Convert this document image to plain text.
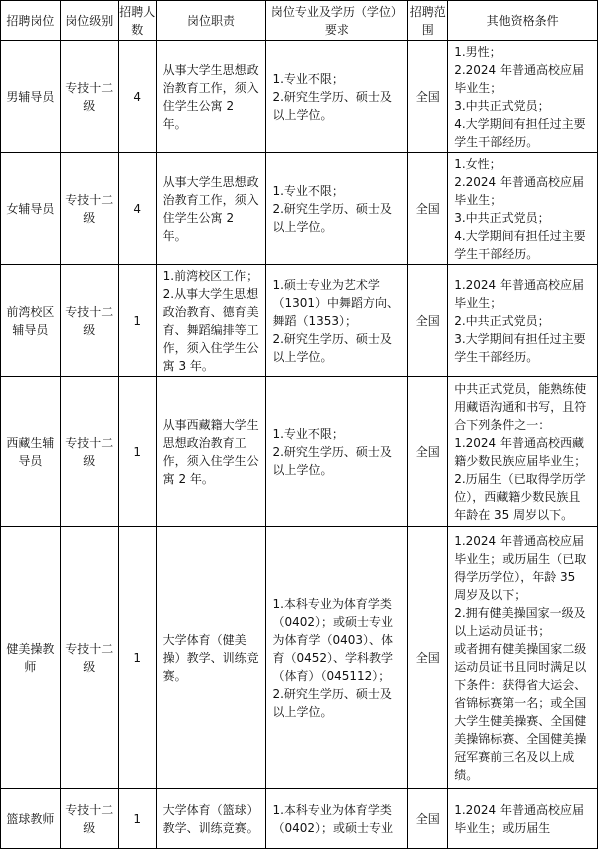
招聘岗位	岗位级别	招聘人数	岗位职责	岗位专业及学历（学位）要求	招聘范围	其他资格条件
男辅导员	专技十二级	4	从事大学生思想政治教育工作，须入住学生公寓 2 年。	1.专业不限；
2.研究生学历、硕士及以上学位。	全国	1.男性；
2.2024 年普通高校应届毕业生；
3.中共正式党员；
4.大学期间有担任过主要学生干部经历。

女辅导员	专技十二级	4	从事大学生思想政治教育工作，须入住学生公寓 2 年。	1.专业不限；
2.研究生学历、硕士及以上学位。	全国	1.女性；
2.2024 年普通高校应届毕业生；
3.中共正式党员；
4.大学期间有担任过主要学生干部经历。

前湾校区辅导员	专技十二级	1	1.前湾校区工作；
2.从事大学生思想政治教育、德育美育、舞蹈编排等工作，须入住学生公寓 3 年。	1.硕士专业为艺术学（1301）中舞蹈方向、舞蹈（1353）；
2.研究生学历、硕士及以上学位。	全国	1.2024 年普通高校应届毕业生；
2.中共正式党员；
3.大学期间有担任过主要学生干部经历。

西藏生辅导员	专技十二级	1	从事西藏籍大学生思想政治教育工作，须入住学生公寓 2 年。	1.专业不限；
2.研究生学历、硕士及以上学位。	全国	中共正式党员，能熟练使用藏语沟通和书写，且符合下列条件之一：1.2024 年普通高校西藏籍少数民族应届毕业生；2.历届生（已取得学历学位），西藏籍少数民族且年龄在 35 周岁以下。

健美操教师	专技十二级	1	大学体育（健美操）教学、训练竞赛。	1.本科专业为体育学类（0402）；或硕士专业为体育学（0403）、体育（0452）、学科教学（体育）（045112）；
2.研究生学历、硕士及以上学位。	全国	1.2024 年普通高校应届毕业生；或历届生（已取得学历学位），年龄 35 周岁及以下；
2.拥有健美操国家一级及以上运动员证书；
或者拥有健美操国家二级运动员证书且同时满足以下条件：获得省大运会、省锦标赛第一名；或全国大学生健美操赛、全国健美操锦标赛、全国健美操冠军赛前三名及以上成绩。

篮球教师	专技十二级	1	大学体育（篮球）教学、训练竞赛。	1.本科专业为体育学类（0402）；或硕士专业	全国	1.2024 年普通高校应届毕业生；或历届生
